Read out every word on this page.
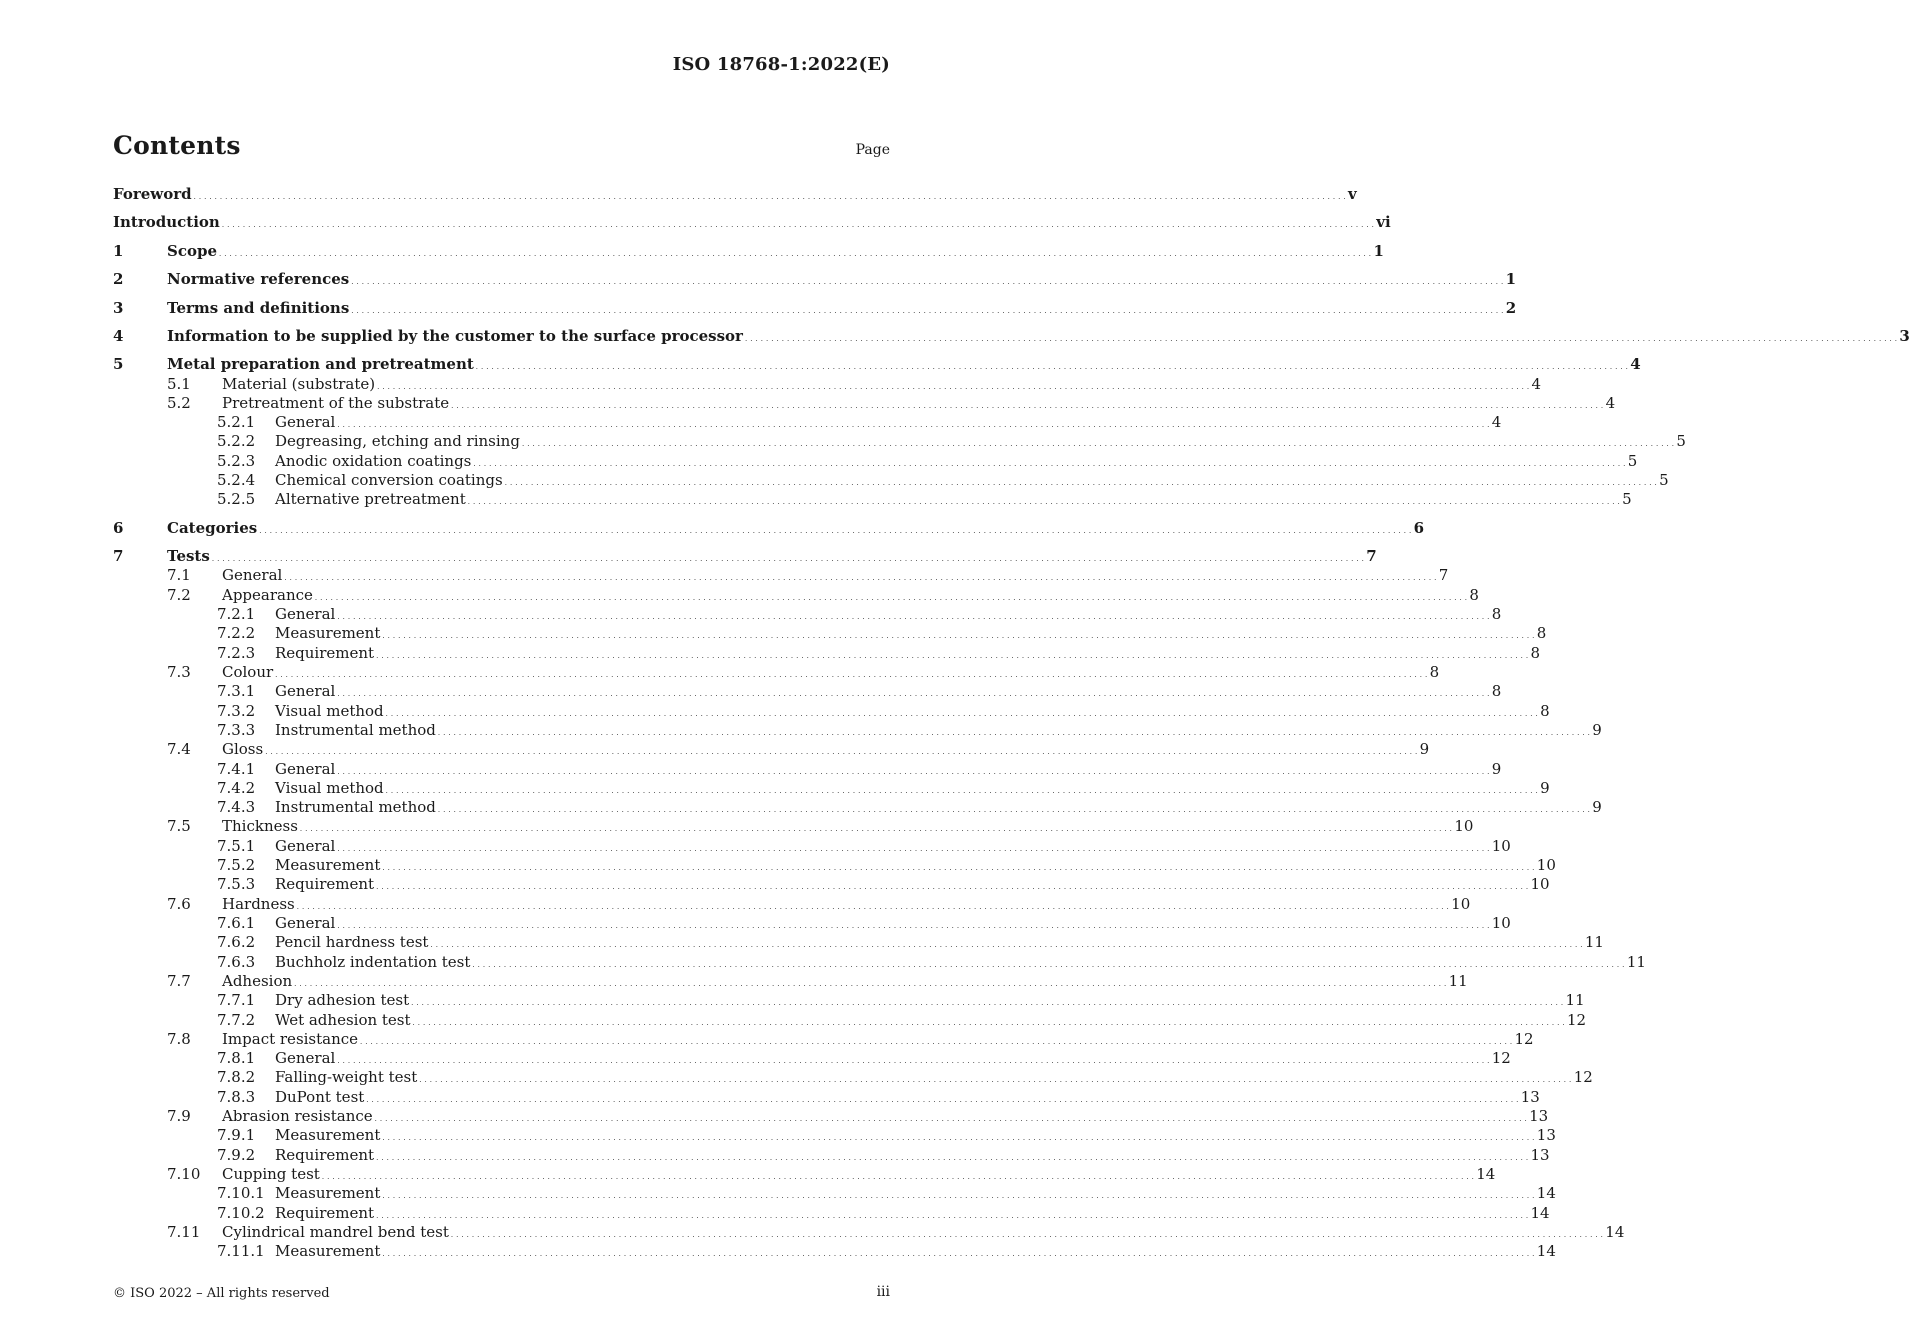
ISO 18768-1:2022(E)
Contents	Page
Foreword . . . . . . . . . . . . . . . . . . . . . . . . . . . . . . . . . . . . . . . . . . . . . . . . . . . . . . . . . . . . . . . . . . . . . . . . . . . . . . . . . . . . . . . . . . . . . . . . . . . . . . . . . . . . . . . . . . . . . . . . . . . . . . . . . . . . . . . . . . . . . . . . . . . . . . . . . . . . . . . . . . . . . . . . . . . . . . . . . . . . . . . . . . . . . . . . . . . . . . . . . . . . . . . . . . . . . . . . . . . . v
Introduction . . . . . . . . . . . . . . . . . . . . . . . . . . . . . . . . . . . . . . . . . . . . . . . . . . . . . . . . . . . . . . . . . . . . . . . . . . . . . . . . . . . . . . . . . . . . . . . . . . . . . . . . . . . . . . . . . . . . . . . . . . . . . . . . . . . . . . . . . . . . . . . . . . . . . . . . . . . . . . . . . . . . . . . . . . . . . . . . . . . . . . . . . . . . . . . . . . . . . . . . . . . . . . . . . . . . . . . . . . . . vi
1	Scope . . . . . . . . . . . . . . . . . . . . . . . . . . . . . . . . . . . . . . . . . . . . . . . . . . . . . . . . . . . . . . . . . . . . . . . . . . . . . . . . . . . . . . . . . . . . . . . . . . . . . . . . . . . . . . . . . . . . . . . . . . . . . . . . . . . . . . . . . . . . . . . . . . . . . . . . . . . . . . . . . . . . . . . . . . . . . . . . . . . . . . . . . . . . . . . . . . . . . . . . . . . . . . . . . . . . . . . . . . . . 1
2	Normative references . . . . . . . . . . . . . . . . . . . . . . . . . . . . . . . . . . . . . . . . . . . . . . . . . . . . . . . . . . . . . . . . . . . . . . . . . . . . . . . . . . . . . . . . . . . . . . . . . . . . . . . . . . . . . . . . . . . . . . . . . . . . . . . . . . . . . . . . . . . . . . . . . . . . . . . . . . . . . . . . . . . . . . . . . . . . . . . . . . . . . . . . . . . . . . . . . . . . . . . . . . . . . . . . . . . . . . . . . . . . 1
3	Terms and definitions . . . . . . . . . . . . . . . . . . . . . . . . . . . . . . . . . . . . . . . . . . . . . . . . . . . . . . . . . . . . . . . . . . . . . . . . . . . . . . . . . . . . . . . . . . . . . . . . . . . . . . . . . . . . . . . . . . . . . . . . . . . . . . . . . . . . . . . . . . . . . . . . . . . . . . . . . . . . . . . . . . . . . . . . . . . . . . . . . . . . . . . . . . . . . . . . . . . . . . . . . . . . . . . . . . . . . . . . . . . . 2
4	Information to be supplied by the customer to the surface processor . . . . . . . . . . . . . . . . . . . . . . . . . . . . . . . . . . . . . . . . . . . . . . . . . . . . . . . . . . . . . . . . . . . . . . . . . . . . . . . . . . . . . . . . . . . . . . . . . . . . . . . . . . . . . . . . . . . . . . . . . . . . . . . . . . . . . . . . . . . . . . . . . . . . . . . . . . . . . . . . . . . . . . . . . . . . . . . . . . . . . . . . . . . . . . . . . . . . . . . . . . . . . . . . . . . . . . . . . . . . 3
5	Metal preparation and pretreatment . . . . . . . . . . . . . . . . . . . . . . . . . . . . . . . . . . . . . . . . . . . . . . . . . . . . . . . . . . . . . . . . . . . . . . . . . . . . . . . . . . . . . . . . . . . . . . . . . . . . . . . . . . . . . . . . . . . . . . . . . . . . . . . . . . . . . . . . . . . . . . . . . . . . . . . . . . . . . . . . . . . . . . . . . . . . . . . . . . . . . . . . . . . . . . . . . . . . . . . . . . . . . . . . . . . . . . . . . . . . 4
5.1	Material (substrate) . . . . . . . . . . . . . . . . . . . . . . . . . . . . . . . . . . . . . . . . . . . . . . . . . . . . . . . . . . . . . . . . . . . . . . . . . . . . . . . . . . . . . . . . . . . . . . . . . . . . . . . . . . . . . . . . . . . . . . . . . . . . . . . . . . . . . . . . . . . . . . . . . . . . . . . . . . . . . . . . . . . . . . . . . . . . . . . . . . . . . . . . . . . . . . . . . . . . . . . . . . . . . . . . . . . . . . . . . . . . 4
5.2	Pretreatment of the substrate . . . . . . . . . . . . . . . . . . . . . . . . . . . . . . . . . . . . . . . . . . . . . . . . . . . . . . . . . . . . . . . . . . . . . . . . . . . . . . . . . . . . . . . . . . . . . . . . . . . . . . . . . . . . . . . . . . . . . . . . . . . . . . . . . . . . . . . . . . . . . . . . . . . . . . . . . . . . . . . . . . . . . . . . . . . . . . . . . . . . . . . . . . . . . . . . . . . . . . . . . . . . . . . . . . . . . . . . . . . . 4
5.2.1	General . . . . . . . . . . . . . . . . . . . . . . . . . . . . . . . . . . . . . . . . . . . . . . . . . . . . . . . . . . . . . . . . . . . . . . . . . . . . . . . . . . . . . . . . . . . . . . . . . . . . . . . . . . . . . . . . . . . . . . . . . . . . . . . . . . . . . . . . . . . . . . . . . . . . . . . . . . . . . . . . . . . . . . . . . . . . . . . . . . . . . . . . . . . . . . . . . . . . . . . . . . . . . . . . . . . . . . . . . . . . 4
5.2.2	Degreasing, etching and rinsing . . . . . . . . . . . . . . . . . . . . . . . . . . . . . . . . . . . . . . . . . . . . . . . . . . . . . . . . . . . . . . . . . . . . . . . . . . . . . . . . . . . . . . . . . . . . . . . . . . . . . . . . . . . . . . . . . . . . . . . . . . . . . . . . . . . . . . . . . . . . . . . . . . . . . . . . . . . . . . . . . . . . . . . . . . . . . . . . . . . . . . . . . . . . . . . . . . . . . . . . . . . . . . . . . . . . . . . . . . . . 5
5.2.3	Anodic oxidation coatings . . . . . . . . . . . . . . . . . . . . . . . . . . . . . . . . . . . . . . . . . . . . . . . . . . . . . . . . . . . . . . . . . . . . . . . . . . . . . . . . . . . . . . . . . . . . . . . . . . . . . . . . . . . . . . . . . . . . . . . . . . . . . . . . . . . . . . . . . . . . . . . . . . . . . . . . . . . . . . . . . . . . . . . . . . . . . . . . . . . . . . . . . . . . . . . . . . . . . . . . . . . . . . . . . . . . . . . . . . . . 5
5.2.4	Chemical conversion coatings . . . . . . . . . . . . . . . . . . . . . . . . . . . . . . . . . . . . . . . . . . . . . . . . . . . . . . . . . . . . . . . . . . . . . . . . . . . . . . . . . . . . . . . . . . . . . . . . . . . . . . . . . . . . . . . . . . . . . . . . . . . . . . . . . . . . . . . . . . . . . . . . . . . . . . . . . . . . . . . . . . . . . . . . . . . . . . . . . . . . . . . . . . . . . . . . . . . . . . . . . . . . . . . . . . . . . . . . . . . . 5
5.2.5	Alternative pretreatment . . . . . . . . . . . . . . . . . . . . . . . . . . . . . . . . . . . . . . . . . . . . . . . . . . . . . . . . . . . . . . . . . . . . . . . . . . . . . . . . . . . . . . . . . . . . . . . . . . . . . . . . . . . . . . . . . . . . . . . . . . . . . . . . . . . . . . . . . . . . . . . . . . . . . . . . . . . . . . . . . . . . . . . . . . . . . . . . . . . . . . . . . . . . . . . . . . . . . . . . . . . . . . . . . . . . . . . . . . . . 5
6	Categories . . . . . . . . . . . . . . . . . . . . . . . . . . . . . . . . . . . . . . . . . . . . . . . . . . . . . . . . . . . . . . . . . . . . . . . . . . . . . . . . . . . . . . . . . . . . . . . . . . . . . . . . . . . . . . . . . . . . . . . . . . . . . . . . . . . . . . . . . . . . . . . . . . . . . . . . . . . . . . . . . . . . . . . . . . . . . . . . . . . . . . . . . . . . . . . . . . . . . . . . . . . . . . . . . . . . . . . . . . . . 6
7	Tests . . . . . . . . . . . . . . . . . . . . . . . . . . . . . . . . . . . . . . . . . . . . . . . . . . . . . . . . . . . . . . . . . . . . . . . . . . . . . . . . . . . . . . . . . . . . . . . . . . . . . . . . . . . . . . . . . . . . . . . . . . . . . . . . . . . . . . . . . . . . . . . . . . . . . . . . . . . . . . . . . . . . . . . . . . . . . . . . . . . . . . . . . . . . . . . . . . . . . . . . . . . . . . . . . . . . . . . . . . . . 7
7.1	General . . . . . . . . . . . . . . . . . . . . . . . . . . . . . . . . . . . . . . . . . . . . . . . . . . . . . . . . . . . . . . . . . . . . . . . . . . . . . . . . . . . . . . . . . . . . . . . . . . . . . . . . . . . . . . . . . . . . . . . . . . . . . . . . . . . . . . . . . . . . . . . . . . . . . . . . . . . . . . . . . . . . . . . . . . . . . . . . . . . . . . . . . . . . . . . . . . . . . . . . . . . . . . . . . . . . . . . . . . . . 7
7.2	Appearance . . . . . . . . . . . . . . . . . . . . . . . . . . . . . . . . . . . . . . . . . . . . . . . . . . . . . . . . . . . . . . . . . . . . . . . . . . . . . . . . . . . . . . . . . . . . . . . . . . . . . . . . . . . . . . . . . . . . . . . . . . . . . . . . . . . . . . . . . . . . . . . . . . . . . . . . . . . . . . . . . . . . . . . . . . . . . . . . . . . . . . . . . . . . . . . . . . . . . . . . . . . . . . . . . . . . . . . . . . . . 8
7.2.1	General . . . . . . . . . . . . . . . . . . . . . . . . . . . . . . . . . . . . . . . . . . . . . . . . . . . . . . . . . . . . . . . . . . . . . . . . . . . . . . . . . . . . . . . . . . . . . . . . . . . . . . . . . . . . . . . . . . . . . . . . . . . . . . . . . . . . . . . . . . . . . . . . . . . . . . . . . . . . . . . . . . . . . . . . . . . . . . . . . . . . . . . . . . . . . . . . . . . . . . . . . . . . . . . . . . . . . . . . . . . . 8
7.2.2	Measurement . . . . . . . . . . . . . . . . . . . . . . . . . . . . . . . . . . . . . . . . . . . . . . . . . . . . . . . . . . . . . . . . . . . . . . . . . . . . . . . . . . . . . . . . . . . . . . . . . . . . . . . . . . . . . . . . . . . . . . . . . . . . . . . . . . . . . . . . . . . . . . . . . . . . . . . . . . . . . . . . . . . . . . . . . . . . . . . . . . . . . . . . . . . . . . . . . . . . . . . . . . . . . . . . . . . . . . . . . . . . 8
7.2.3	Requirement . . . . . . . . . . . . . . . . . . . . . . . . . . . . . . . . . . . . . . . . . . . . . . . . . . . . . . . . . . . . . . . . . . . . . . . . . . . . . . . . . . . . . . . . . . . . . . . . . . . . . . . . . . . . . . . . . . . . . . . . . . . . . . . . . . . . . . . . . . . . . . . . . . . . . . . . . . . . . . . . . . . . . . . . . . . . . . . . . . . . . . . . . . . . . . . . . . . . . . . . . . . . . . . . . . . . . . . . . . . . 8
7.3	Colour . . . . . . . . . . . . . . . . . . . . . . . . . . . . . . . . . . . . . . . . . . . . . . . . . . . . . . . . . . . . . . . . . . . . . . . . . . . . . . . . . . . . . . . . . . . . . . . . . . . . . . . . . . . . . . . . . . . . . . . . . . . . . . . . . . . . . . . . . . . . . . . . . . . . . . . . . . . . . . . . . . . . . . . . . . . . . . . . . . . . . . . . . . . . . . . . . . . . . . . . . . . . . . . . . . . . . . . . . . . . 8
7.3.1	General . . . . . . . . . . . . . . . . . . . . . . . . . . . . . . . . . . . . . . . . . . . . . . . . . . . . . . . . . . . . . . . . . . . . . . . . . . . . . . . . . . . . . . . . . . . . . . . . . . . . . . . . . . . . . . . . . . . . . . . . . . . . . . . . . . . . . . . . . . . . . . . . . . . . . . . . . . . . . . . . . . . . . . . . . . . . . . . . . . . . . . . . . . . . . . . . . . . . . . . . . . . . . . . . . . . . . . . . . . . . 8
7.3.2	Visual method . . . . . . . . . . . . . . . . . . . . . . . . . . . . . . . . . . . . . . . . . . . . . . . . . . . . . . . . . . . . . . . . . . . . . . . . . . . . . . . . . . . . . . . . . . . . . . . . . . . . . . . . . . . . . . . . . . . . . . . . . . . . . . . . . . . . . . . . . . . . . . . . . . . . . . . . . . . . . . . . . . . . . . . . . . . . . . . . . . . . . . . . . . . . . . . . . . . . . . . . . . . . . . . . . . . . . . . . . . . . 8
7.3.3	Instrumental method . . . . . . . . . . . . . . . . . . . . . . . . . . . . . . . . . . . . . . . . . . . . . . . . . . . . . . . . . . . . . . . . . . . . . . . . . . . . . . . . . . . . . . . . . . . . . . . . . . . . . . . . . . . . . . . . . . . . . . . . . . . . . . . . . . . . . . . . . . . . . . . . . . . . . . . . . . . . . . . . . . . . . . . . . . . . . . . . . . . . . . . . . . . . . . . . . . . . . . . . . . . . . . . . . . . . . . . . . . . . 9
7.4	Gloss . . . . . . . . . . . . . . . . . . . . . . . . . . . . . . . . . . . . . . . . . . . . . . . . . . . . . . . . . . . . . . . . . . . . . . . . . . . . . . . . . . . . . . . . . . . . . . . . . . . . . . . . . . . . . . . . . . . . . . . . . . . . . . . . . . . . . . . . . . . . . . . . . . . . . . . . . . . . . . . . . . . . . . . . . . . . . . . . . . . . . . . . . . . . . . . . . . . . . . . . . . . . . . . . . . . . . . . . . . . . 9
7.4.1	General . . . . . . . . . . . . . . . . . . . . . . . . . . . . . . . . . . . . . . . . . . . . . . . . . . . . . . . . . . . . . . . . . . . . . . . . . . . . . . . . . . . . . . . . . . . . . . . . . . . . . . . . . . . . . . . . . . . . . . . . . . . . . . . . . . . . . . . . . . . . . . . . . . . . . . . . . . . . . . . . . . . . . . . . . . . . . . . . . . . . . . . . . . . . . . . . . . . . . . . . . . . . . . . . . . . . . . . . . . . . 9
7.4.2	Visual method . . . . . . . . . . . . . . . . . . . . . . . . . . . . . . . . . . . . . . . . . . . . . . . . . . . . . . . . . . . . . . . . . . . . . . . . . . . . . . . . . . . . . . . . . . . . . . . . . . . . . . . . . . . . . . . . . . . . . . . . . . . . . . . . . . . . . . . . . . . . . . . . . . . . . . . . . . . . . . . . . . . . . . . . . . . . . . . . . . . . . . . . . . . . . . . . . . . . . . . . . . . . . . . . . . . . . . . . . . . . 9
7.4.3	Instrumental method . . . . . . . . . . . . . . . . . . . . . . . . . . . . . . . . . . . . . . . . . . . . . . . . . . . . . . . . . . . . . . . . . . . . . . . . . . . . . . . . . . . . . . . . . . . . . . . . . . . . . . . . . . . . . . . . . . . . . . . . . . . . . . . . . . . . . . . . . . . . . . . . . . . . . . . . . . . . . . . . . . . . . . . . . . . . . . . . . . . . . . . . . . . . . . . . . . . . . . . . . . . . . . . . . . . . . . . . . . . . 9
7.5	Thickness . . . . . . . . . . . . . . . . . . . . . . . . . . . . . . . . . . . . . . . . . . . . . . . . . . . . . . . . . . . . . . . . . . . . . . . . . . . . . . . . . . . . . . . . . . . . . . . . . . . . . . . . . . . . . . . . . . . . . . . . . . . . . . . . . . . . . . . . . . . . . . . . . . . . . . . . . . . . . . . . . . . . . . . . . . . . . . . . . . . . . . . . . . . . . . . . . . . . . . . . . . . . . . . . . . . . . . . . . . . . 10
7.5.1	General . . . . . . . . . . . . . . . . . . . . . . . . . . . . . . . . . . . . . . . . . . . . . . . . . . . . . . . . . . . . . . . . . . . . . . . . . . . . . . . . . . . . . . . . . . . . . . . . . . . . . . . . . . . . . . . . . . . . . . . . . . . . . . . . . . . . . . . . . . . . . . . . . . . . . . . . . . . . . . . . . . . . . . . . . . . . . . . . . . . . . . . . . . . . . . . . . . . . . . . . . . . . . . . . . . . . . . . . . . . . 10
7.5.2	Measurement . . . . . . . . . . . . . . . . . . . . . . . . . . . . . . . . . . . . . . . . . . . . . . . . . . . . . . . . . . . . . . . . . . . . . . . . . . . . . . . . . . . . . . . . . . . . . . . . . . . . . . . . . . . . . . . . . . . . . . . . . . . . . . . . . . . . . . . . . . . . . . . . . . . . . . . . . . . . . . . . . . . . . . . . . . . . . . . . . . . . . . . . . . . . . . . . . . . . . . . . . . . . . . . . . . . . . . . . . . . . 10
7.5.3	Requirement . . . . . . . . . . . . . . . . . . . . . . . . . . . . . . . . . . . . . . . . . . . . . . . . . . . . . . . . . . . . . . . . . . . . . . . . . . . . . . . . . . . . . . . . . . . . . . . . . . . . . . . . . . . . . . . . . . . . . . . . . . . . . . . . . . . . . . . . . . . . . . . . . . . . . . . . . . . . . . . . . . . . . . . . . . . . . . . . . . . . . . . . . . . . . . . . . . . . . . . . . . . . . . . . . . . . . . . . . . . . 10
7.6	Hardness . . . . . . . . . . . . . . . . . . . . . . . . . . . . . . . . . . . . . . . . . . . . . . . . . . . . . . . . . . . . . . . . . . . . . . . . . . . . . . . . . . . . . . . . . . . . . . . . . . . . . . . . . . . . . . . . . . . . . . . . . . . . . . . . . . . . . . . . . . . . . . . . . . . . . . . . . . . . . . . . . . . . . . . . . . . . . . . . . . . . . . . . . . . . . . . . . . . . . . . . . . . . . . . . . . . . . . . . . . . . 10
7.6.1	General . . . . . . . . . . . . . . . . . . . . . . . . . . . . . . . . . . . . . . . . . . . . . . . . . . . . . . . . . . . . . . . . . . . . . . . . . . . . . . . . . . . . . . . . . . . . . . . . . . . . . . . . . . . . . . . . . . . . . . . . . . . . . . . . . . . . . . . . . . . . . . . . . . . . . . . . . . . . . . . . . . . . . . . . . . . . . . . . . . . . . . . . . . . . . . . . . . . . . . . . . . . . . . . . . . . . . . . . . . . . 10
7.6.2	Pencil hardness test . . . . . . . . . . . . . . . . . . . . . . . . . . . . . . . . . . . . . . . . . . . . . . . . . . . . . . . . . . . . . . . . . . . . . . . . . . . . . . . . . . . . . . . . . . . . . . . . . . . . . . . . . . . . . . . . . . . . . . . . . . . . . . . . . . . . . . . . . . . . . . . . . . . . . . . . . . . . . . . . . . . . . . . . . . . . . . . . . . . . . . . . . . . . . . . . . . . . . . . . . . . . . . . . . . . . . . . . . . . . 11
7.6.3	Buchholz indentation test . . . . . . . . . . . . . . . . . . . . . . . . . . . . . . . . . . . . . . . . . . . . . . . . . . . . . . . . . . . . . . . . . . . . . . . . . . . . . . . . . . . . . . . . . . . . . . . . . . . . . . . . . . . . . . . . . . . . . . . . . . . . . . . . . . . . . . . . . . . . . . . . . . . . . . . . . . . . . . . . . . . . . . . . . . . . . . . . . . . . . . . . . . . . . . . . . . . . . . . . . . . . . . . . . . . . . . . . . . . . 11
7.7	Adhesion . . . . . . . . . . . . . . . . . . . . . . . . . . . . . . . . . . . . . . . . . . . . . . . . . . . . . . . . . . . . . . . . . . . . . . . . . . . . . . . . . . . . . . . . . . . . . . . . . . . . . . . . . . . . . . . . . . . . . . . . . . . . . . . . . . . . . . . . . . . . . . . . . . . . . . . . . . . . . . . . . . . . . . . . . . . . . . . . . . . . . . . . . . . . . . . . . . . . . . . . . . . . . . . . . . . . . . . . . . . . 11
7.7.1	Dry adhesion test . . . . . . . . . . . . . . . . . . . . . . . . . . . . . . . . . . . . . . . . . . . . . . . . . . . . . . . . . . . . . . . . . . . . . . . . . . . . . . . . . . . . . . . . . . . . . . . . . . . . . . . . . . . . . . . . . . . . . . . . . . . . . . . . . . . . . . . . . . . . . . . . . . . . . . . . . . . . . . . . . . . . . . . . . . . . . . . . . . . . . . . . . . . . . . . . . . . . . . . . . . . . . . . . . . . . . . . . . . . . 11
7.7.2	Wet adhesion test . . . . . . . . . . . . . . . . . . . . . . . . . . . . . . . . . . . . . . . . . . . . . . . . . . . . . . . . . . . . . . . . . . . . . . . . . . . . . . . . . . . . . . . . . . . . . . . . . . . . . . . . . . . . . . . . . . . . . . . . . . . . . . . . . . . . . . . . . . . . . . . . . . . . . . . . . . . . . . . . . . . . . . . . . . . . . . . . . . . . . . . . . . . . . . . . . . . . . . . . . . . . . . . . . . . . . . . . . . . . 12
7.8	Impact resistance . . . . . . . . . . . . . . . . . . . . . . . . . . . . . . . . . . . . . . . . . . . . . . . . . . . . . . . . . . . . . . . . . . . . . . . . . . . . . . . . . . . . . . . . . . . . . . . . . . . . . . . . . . . . . . . . . . . . . . . . . . . . . . . . . . . . . . . . . . . . . . . . . . . . . . . . . . . . . . . . . . . . . . . . . . . . . . . . . . . . . . . . . . . . . . . . . . . . . . . . . . . . . . . . . . . . . . . . . . . . 12
7.8.1	General . . . . . . . . . . . . . . . . . . . . . . . . . . . . . . . . . . . . . . . . . . . . . . . . . . . . . . . . . . . . . . . . . . . . . . . . . . . . . . . . . . . . . . . . . . . . . . . . . . . . . . . . . . . . . . . . . . . . . . . . . . . . . . . . . . . . . . . . . . . . . . . . . . . . . . . . . . . . . . . . . . . . . . . . . . . . . . . . . . . . . . . . . . . . . . . . . . . . . . . . . . . . . . . . . . . . . . . . . . . . 12
7.8.2	Falling-weight test . . . . . . . . . . . . . . . . . . . . . . . . . . . . . . . . . . . . . . . . . . . . . . . . . . . . . . . . . . . . . . . . . . . . . . . . . . . . . . . . . . . . . . . . . . . . . . . . . . . . . . . . . . . . . . . . . . . . . . . . . . . . . . . . . . . . . . . . . . . . . . . . . . . . . . . . . . . . . . . . . . . . . . . . . . . . . . . . . . . . . . . . . . . . . . . . . . . . . . . . . . . . . . . . . . . . . . . . . . . . 12
7.8.3	DuPont test . . . . . . . . . . . . . . . . . . . . . . . . . . . . . . . . . . . . . . . . . . . . . . . . . . . . . . . . . . . . . . . . . . . . . . . . . . . . . . . . . . . . . . . . . . . . . . . . . . . . . . . . . . . . . . . . . . . . . . . . . . . . . . . . . . . . . . . . . . . . . . . . . . . . . . . . . . . . . . . . . . . . . . . . . . . . . . . . . . . . . . . . . . . . . . . . . . . . . . . . . . . . . . . . . . . . . . . . . . . . 13
7.9	Abrasion resistance . . . . . . . . . . . . . . . . . . . . . . . . . . . . . . . . . . . . . . . . . . . . . . . . . . . . . . . . . . . . . . . . . . . . . . . . . . . . . . . . . . . . . . . . . . . . . . . . . . . . . . . . . . . . . . . . . . . . . . . . . . . . . . . . . . . . . . . . . . . . . . . . . . . . . . . . . . . . . . . . . . . . . . . . . . . . . . . . . . . . . . . . . . . . . . . . . . . . . . . . . . . . . . . . . . . . . . . . . . . . 13
7.9.1	Measurement . . . . . . . . . . . . . . . . . . . . . . . . . . . . . . . . . . . . . . . . . . . . . . . . . . . . . . . . . . . . . . . . . . . . . . . . . . . . . . . . . . . . . . . . . . . . . . . . . . . . . . . . . . . . . . . . . . . . . . . . . . . . . . . . . . . . . . . . . . . . . . . . . . . . . . . . . . . . . . . . . . . . . . . . . . . . . . . . . . . . . . . . . . . . . . . . . . . . . . . . . . . . . . . . . . . . . . . . . . . . 13
7.9.2	Requirement . . . . . . . . . . . . . . . . . . . . . . . . . . . . . . . . . . . . . . . . . . . . . . . . . . . . . . . . . . . . . . . . . . . . . . . . . . . . . . . . . . . . . . . . . . . . . . . . . . . . . . . . . . . . . . . . . . . . . . . . . . . . . . . . . . . . . . . . . . . . . . . . . . . . . . . . . . . . . . . . . . . . . . . . . . . . . . . . . . . . . . . . . . . . . . . . . . . . . . . . . . . . . . . . . . . . . . . . . . . . 13
7.10	Cupping test . . . . . . . . . . . . . . . . . . . . . . . . . . . . . . . . . . . . . . . . . . . . . . . . . . . . . . . . . . . . . . . . . . . . . . . . . . . . . . . . . . . . . . . . . . . . . . . . . . . . . . . . . . . . . . . . . . . . . . . . . . . . . . . . . . . . . . . . . . . . . . . . . . . . . . . . . . . . . . . . . . . . . . . . . . . . . . . . . . . . . . . . . . . . . . . . . . . . . . . . . . . . . . . . . . . . . . . . . . . . 14
7.10.1 Measurement . . . . . . . . . . . . . . . . . . . . . . . . . . . . . . . . . . . . . . . . . . . . . . . . . . . . . . . . . . . . . . . . . . . . . . . . . . . . . . . . . . . . . . . . . . . . . . . . . . . . . . . . . . . . . . . . . . . . . . . . . . . . . . . . . . . . . . . . . . . . . . . . . . . . . . . . . . . . . . . . . . . . . . . . . . . . . . . . . . . . . . . . . . . . . . . . . . . . . . . . . . . . . . . . . . . . . . . . . . . . 14
7.10.2 Requirement . . . . . . . . . . . . . . . . . . . . . . . . . . . . . . . . . . . . . . . . . . . . . . . . . . . . . . . . . . . . . . . . . . . . . . . . . . . . . . . . . . . . . . . . . . . . . . . . . . . . . . . . . . . . . . . . . . . . . . . . . . . . . . . . . . . . . . . . . . . . . . . . . . . . . . . . . . . . . . . . . . . . . . . . . . . . . . . . . . . . . . . . . . . . . . . . . . . . . . . . . . . . . . . . . . . . . . . . . . . . 14
7.11	Cylindrical mandrel bend test . . . . . . . . . . . . . . . . . . . . . . . . . . . . . . . . . . . . . . . . . . . . . . . . . . . . . . . . . . . . . . . . . . . . . . . . . . . . . . . . . . . . . . . . . . . . . . . . . . . . . . . . . . . . . . . . . . . . . . . . . . . . . . . . . . . . . . . . . . . . . . . . . . . . . . . . . . . . . . . . . . . . . . . . . . . . . . . . . . . . . . . . . . . . . . . . . . . . . . . . . . . . . . . . . . . . . . . . . . . . 14
7.11.1 Measurement . . . . . . . . . . . . . . . . . . . . . . . . . . . . . . . . . . . . . . . . . . . . . . . . . . . . . . . . . . . . . . . . . . . . . . . . . . . . . . . . . . . . . . . . . . . . . . . . . . . . . . . . . . . . . . . . . . . . . . . . . . . . . . . . . . . . . . . . . . . . . . . . . . . . . . . . . . . . . . . . . . . . . . . . . . . . . . . . . . . . . . . . . . . . . . . . . . . . . . . . . . . . . . . . . . . . . . . . . . . . 14
© ISO 2022 – All rights reserved	iii
